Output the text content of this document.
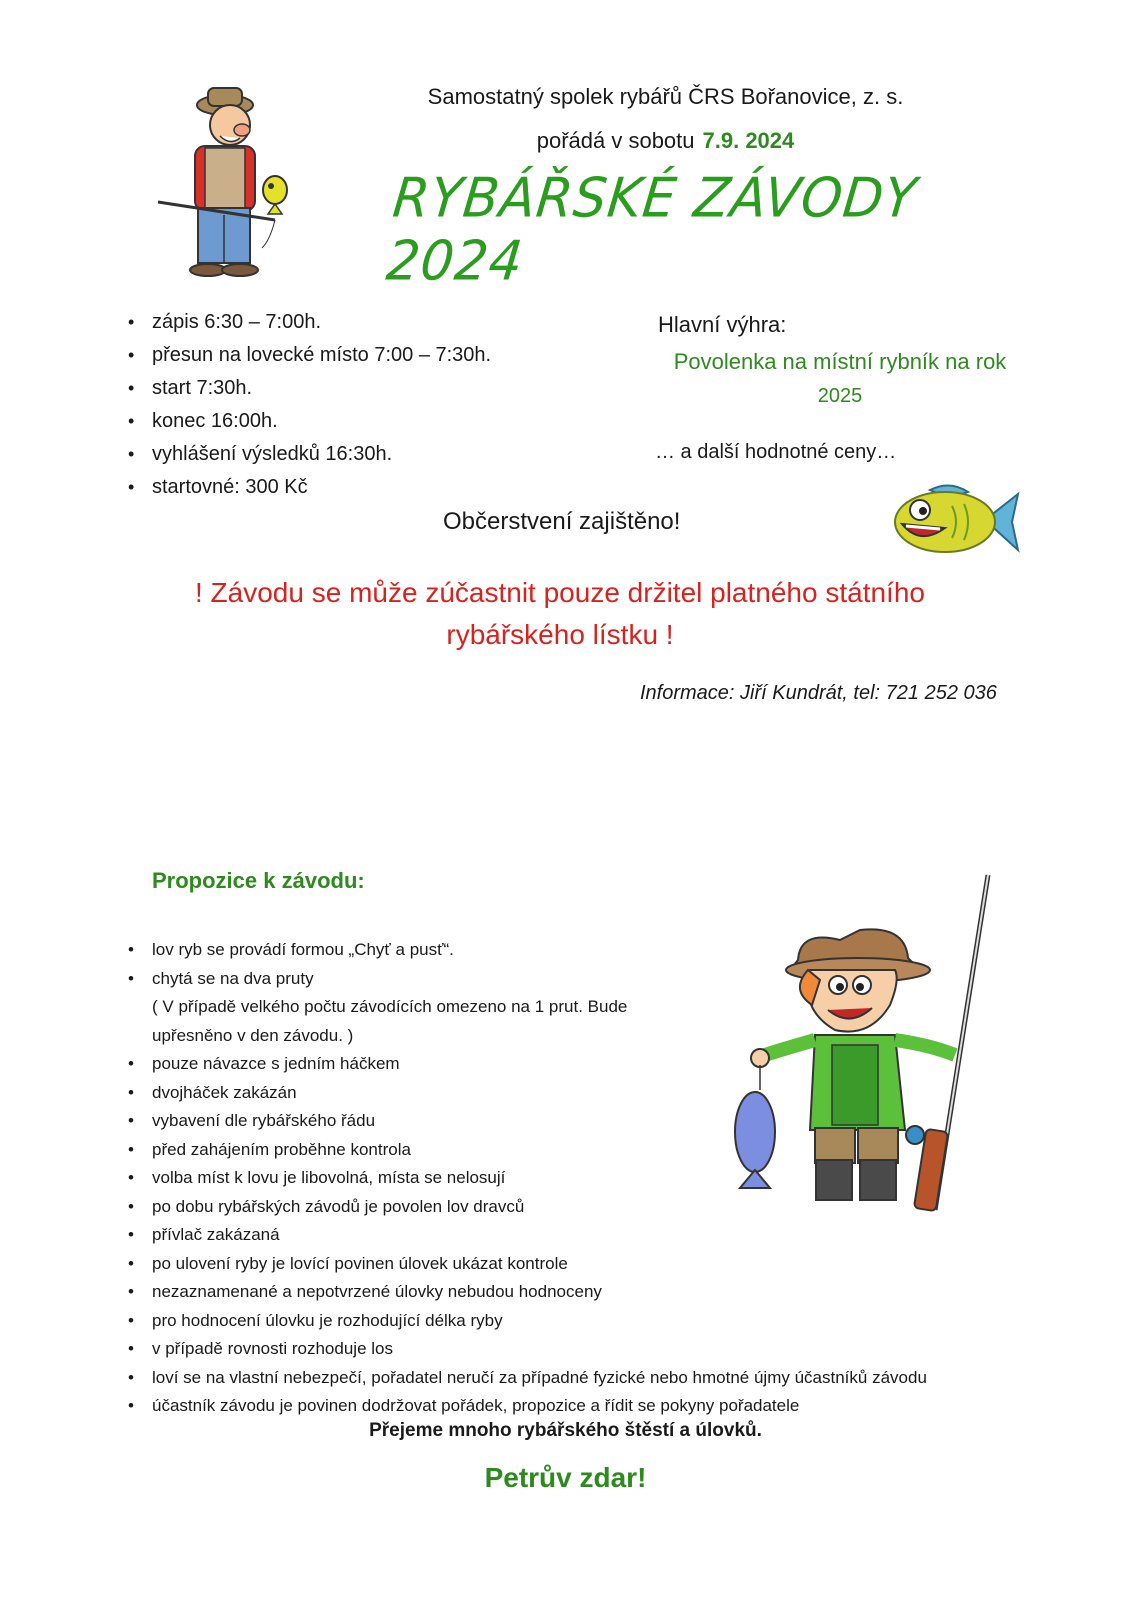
Samostatný spolek rybářů ČRS Bořanovice, z. s.
pořádá v sobotu 7.9. 2024
RYBÁŘSKÉ ZÁVODY 2024
• zápis 6:30 – 7:00h.
• přesun na lovecké místo 7:00 – 7:30h.
• start 7:30h.
• konec 16:00h.
• vyhlášení výsledků 16:30h.
• startovné: 300 Kč
Hlavní výhra:
Povolenka na místní rybník na rok
2025
… a další hodnotné ceny…
Občerstvení zajištěno!
! Závodu se může zúčastnit pouze držitel platného státního
rybářského lístku !
Informace: Jiří Kundrát, tel: 721 252 036
Propozice k závodu:
• lov ryb se provádí formou „Chyť a pusť“.
• chytá se na dva pruty
( V případě velkého počtu závodících omezeno na 1 prut. Bude
upřesněno v den závodu. )
• pouze návazce s jedním háčkem
• dvojháček zakázán
• vybavení dle rybářského řádu
• před zahájením proběhne kontrola
• volba míst k lovu je libovolná, místa se nelosují
• po dobu rybářských závodů je povolen lov dravců
• přívlač zakázaná
• po ulovení ryby je lovící povinen úlovek ukázat kontrole
• nezaznamenané a nepotvrzené úlovky nebudou hodnoceny
• pro hodnocení úlovku je rozhodující délka ryby
• v případě rovnosti rozhoduje los
• loví se na vlastní nebezpečí, pořadatel neručí za případné fyzické nebo hmotné újmy účastníků závodu
• účastník závodu je povinen dodržovat pořádek, propozice a řídit se pokyny pořadatele
Přejeme mnoho rybářského štěstí a úlovků.
Petrův zdar!
